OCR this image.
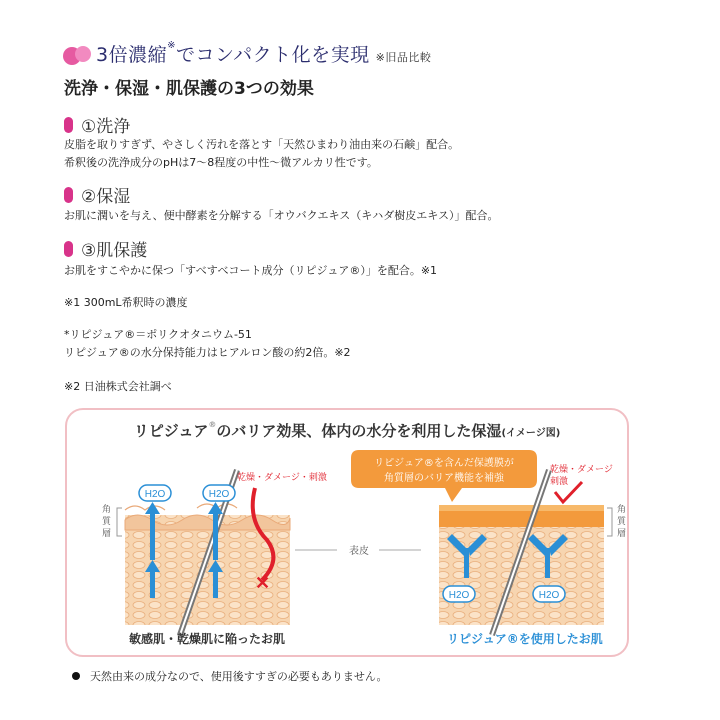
3倍濃縮※でコンパクト化を実現 ※旧品比較
洗浄・保湿・肌保護の3つの効果
①洗浄
皮脂を取りすぎず、やさしく汚れを落とす「天然ひまわり油由来の石鹸」配合。
希釈後の洗浄成分のpHは7～8程度の中性～微アルカリ性です。
②保湿
お肌に潤いを与え、便中酵素を分解する「オウバクエキス（キハダ樹皮エキス）」配合。
③肌保護
お肌をすこやかに保つ「すべすべコート成分（リピジュア®）」を配合。※1
※1 300mL希釈時の濃度
*リピジュア®＝ポリクオタニウム-51
リピジュア®の水分保持能力はヒアルロン酸の約2倍。※2
※2 日油株式会社調べ
リピジュア®のバリア効果、体内の水分を利用した保湿(イメージ図)
H2O	H2O
✕
乾燥・ダメージ・刺激
角
質
層
表皮
H2O	H2O
乾燥・ダメージ
刺激
リピジュア®を含んだ保護膜が
角質層のバリア機能を補強
角
質
層
敏感肌・乾燥肌に陥ったお肌	リピジュア®を使用したお肌
天然由来の成分なので、使用後すすぎの必要もありません。
